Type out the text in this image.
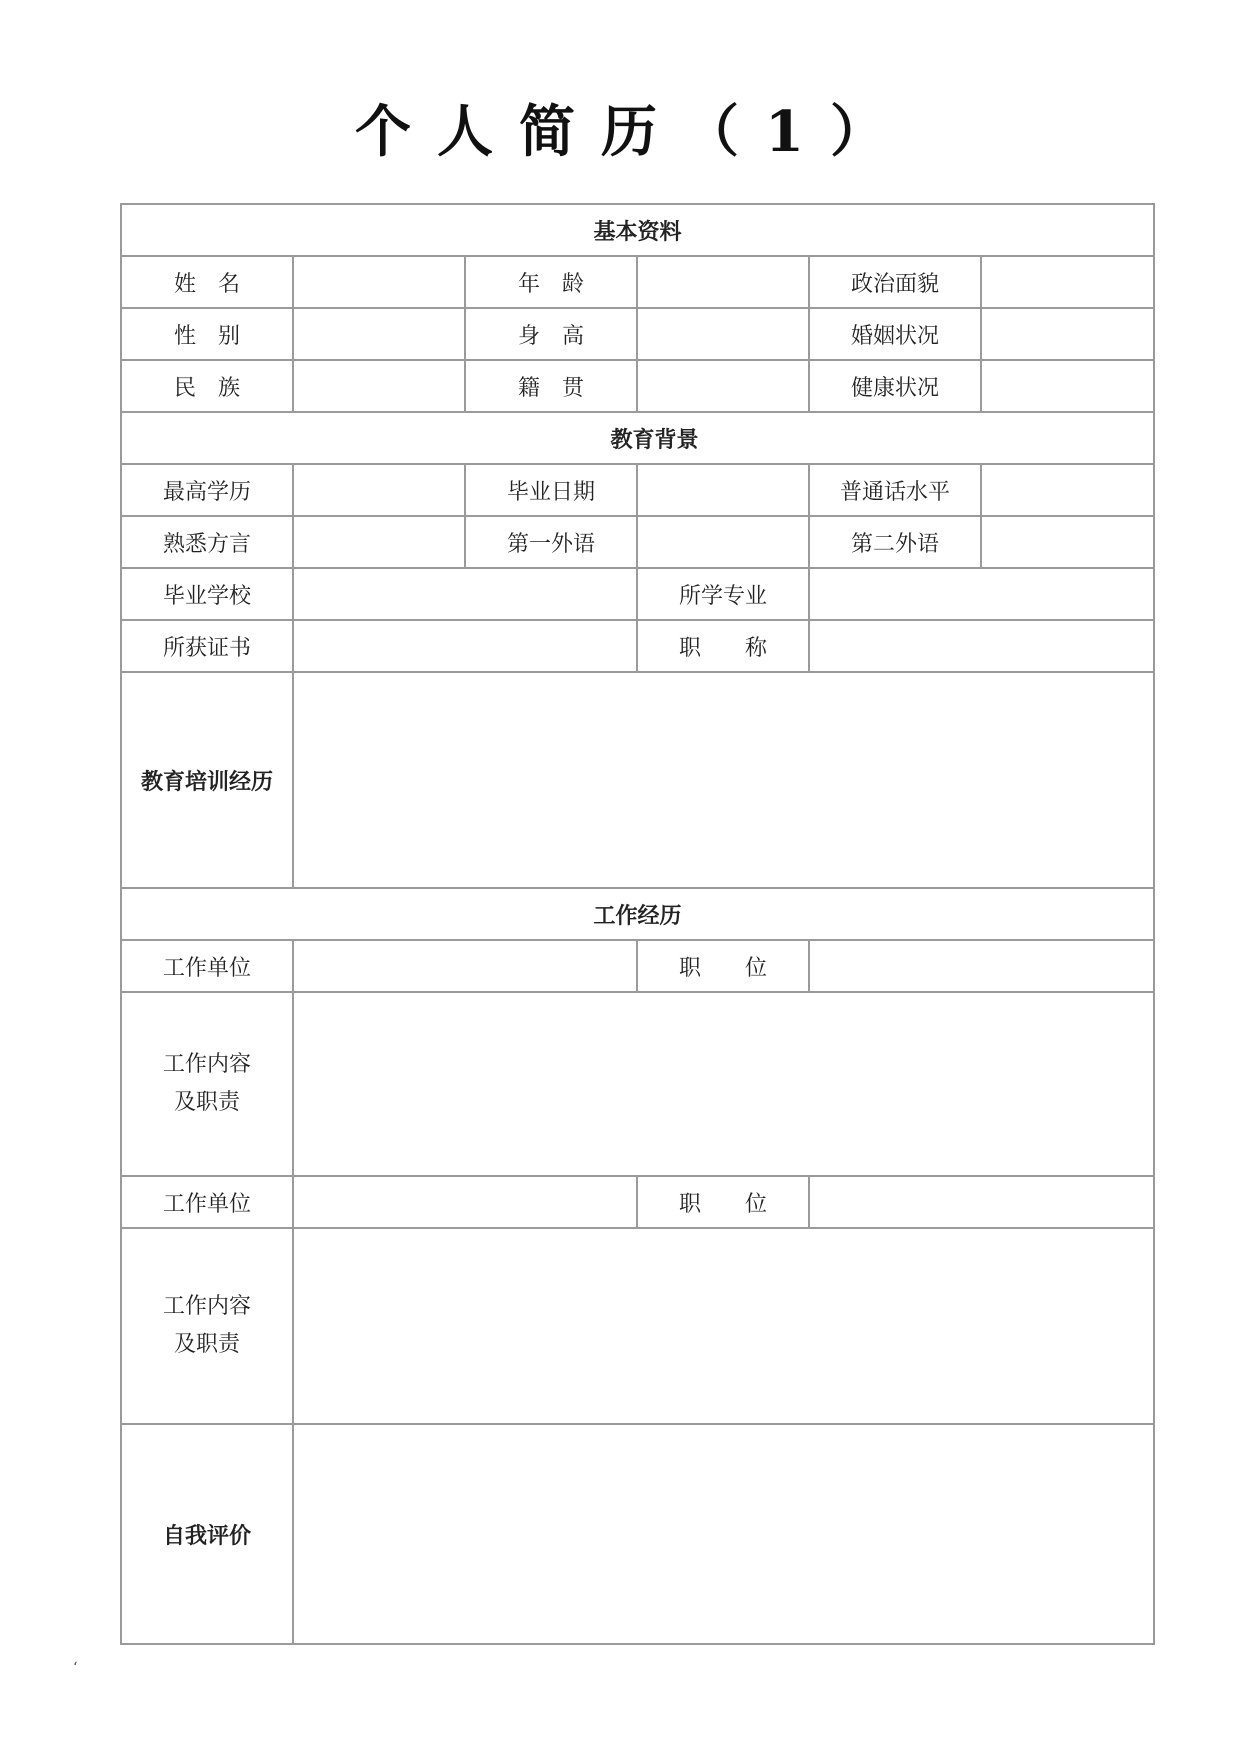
个人简历（1）
基本资料					
姓 名		年 龄		政治面貌	
性 别		身 高		婚姻状况	
民 族		籍 贯		健康状况	
教育背景					
最高学历		毕业日期		普通话水平	
熟悉方言		第一外语		第二外语	
毕业学校			所学专业		
所获证书			职 称		
教育培训经历					
工作经历					
工作单位			职 位		

工作内容
及职责					

工作单位			职 位		

工作内容
及职责					

自我评价					
‘
